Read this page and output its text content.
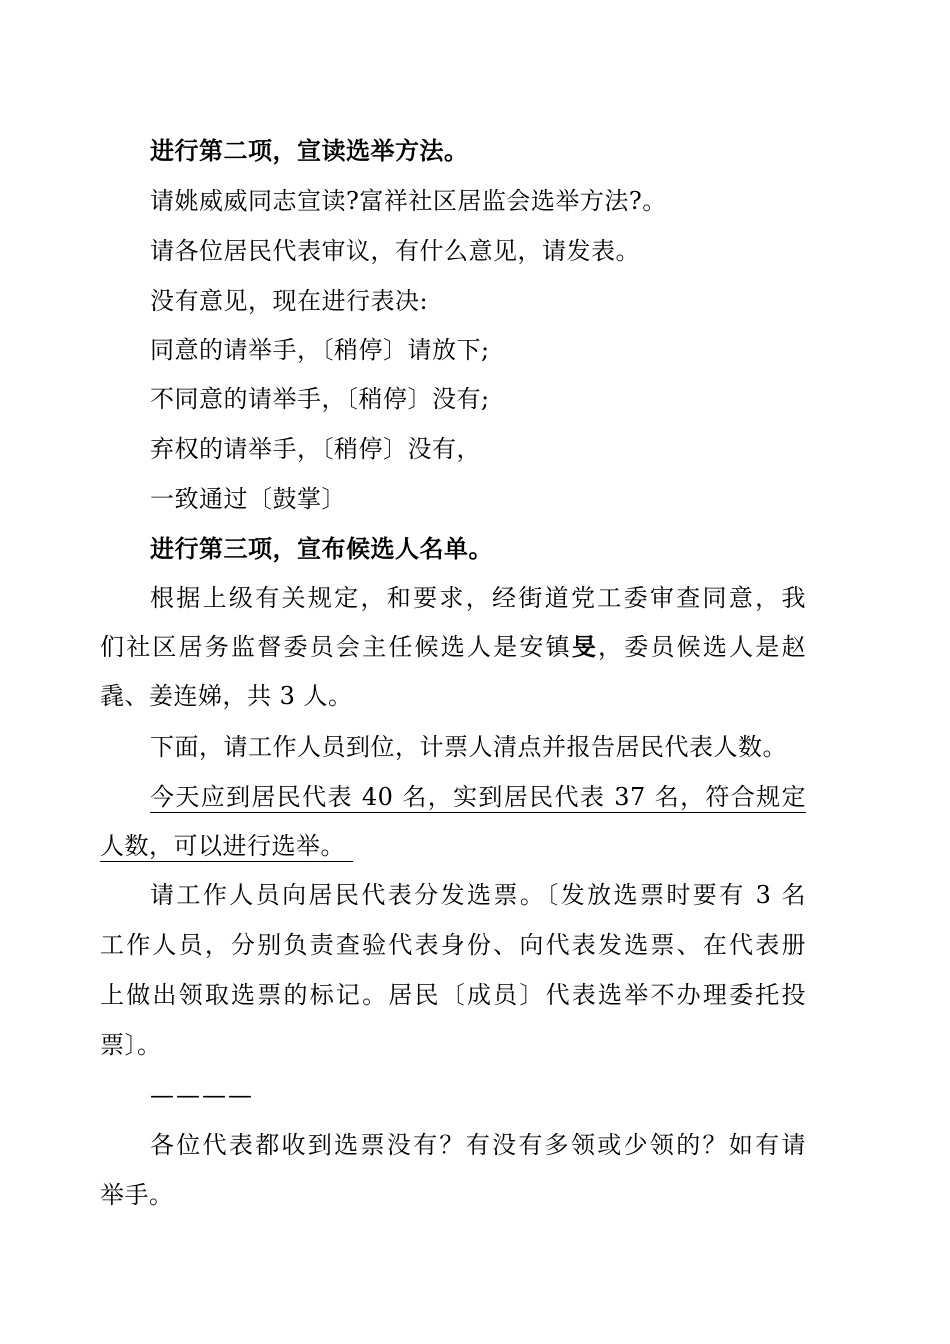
进行第二项，宣读选举方法。
请姚威威同志宣读?富祥社区居监会选举方法?。
请各位居民代表审议，有什么意见，请发表。
没有意见，现在进行表决:
同意的请举手，〔稍停〕请放下;
不同意的请举手，〔稍停〕没有;
弃权的请举手，〔稍停〕没有，
一致通过〔鼓掌〕
进行第三项，宣布候选人名单。
根据上级有关规定，和要求，经街道党工委审查同意，我
们社区居务监督委员会主任候选人是安镇旻，委员候选人是赵
毳、姜连娣，共 3 人。
下面，请工作人员到位，计票人清点并报告居民代表人数。
今天应到居民代表 40 名，实到居民代表 37 名，符合规定
人数，可以进行选举。
请工作人员向居民代表分发选票。〔发放选票时要有 3 名
工作人员，分别负责查验代表身份、向代表发选票、在代表册
上做出领取选票的标记。居民〔成员〕代表选举不办理委托投
票〕。
————
各位代表都收到选票没有？有没有多领或少领的？如有请
举手。
